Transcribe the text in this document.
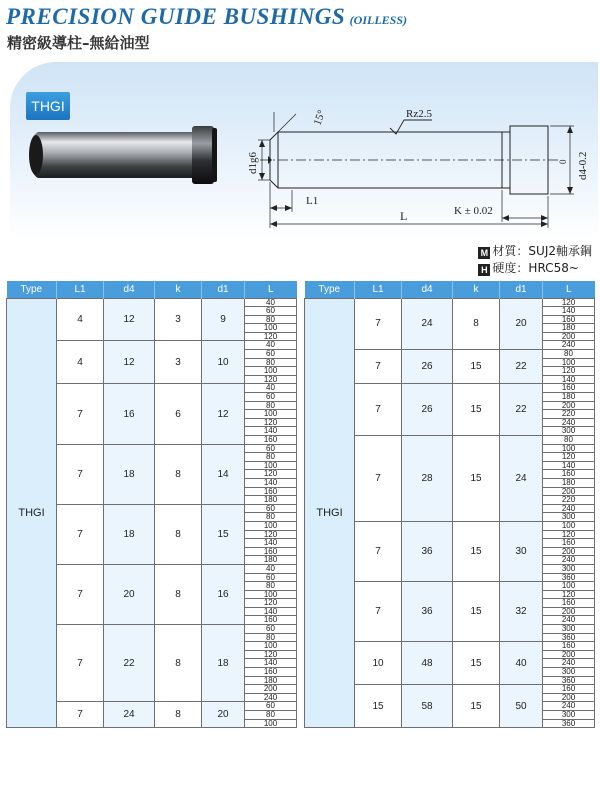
PRECISION GUIDE BUSHINGS (OILLESS)
精密級導柱–無給油型
THGI
15°	Rz2.5
d1g6	0 d4-0.2
L1
L	K ± 0.02
M 材質：SUJ2軸承鋼
H 硬度：HRC58~
Type	L1	d4	k	d1	L
THGI	4	12	3	9	40
					60
					80
					100
					120
	4	12	3	10	40
					60
					80
					100
					120
	7	16	6	12	40
					60
					80
					100
					120
					140
					160
	7	18	8	14	60
					80
					100
					120
					140
					160
					180
	7	18	8	15	60
					80
					100
					120
					140
					160
					180
	7	20	8	16	40
					60
					80
					100
					120
					140
					160
	7	22	8	18	60
					80
					100
					120
					140
					160
					180
					200
					240
	7	24	8	20	60
					80
					100
Type	L1	d4	k	d1	L
THGI	7	24	8	20	120
					140
					160
					180
					200
					240
	7	26	15	22	80
					100
					120
					140
	7	26	15	22	160
					180
					200
					220
					240
					300
	7	28	15	24	80
					100
					120
					140
					160
					180
					200
					220
					240
					300
	7	36	15	30	100
					120
					160
					200
					240
					300
					360
	7	36	15	32	100
					120
					160
					200
					240
					300
					360
	10	48	15	40	160
					200
					240
					300
					360
	15	58	15	50	160
					200
					240
					300
					360
